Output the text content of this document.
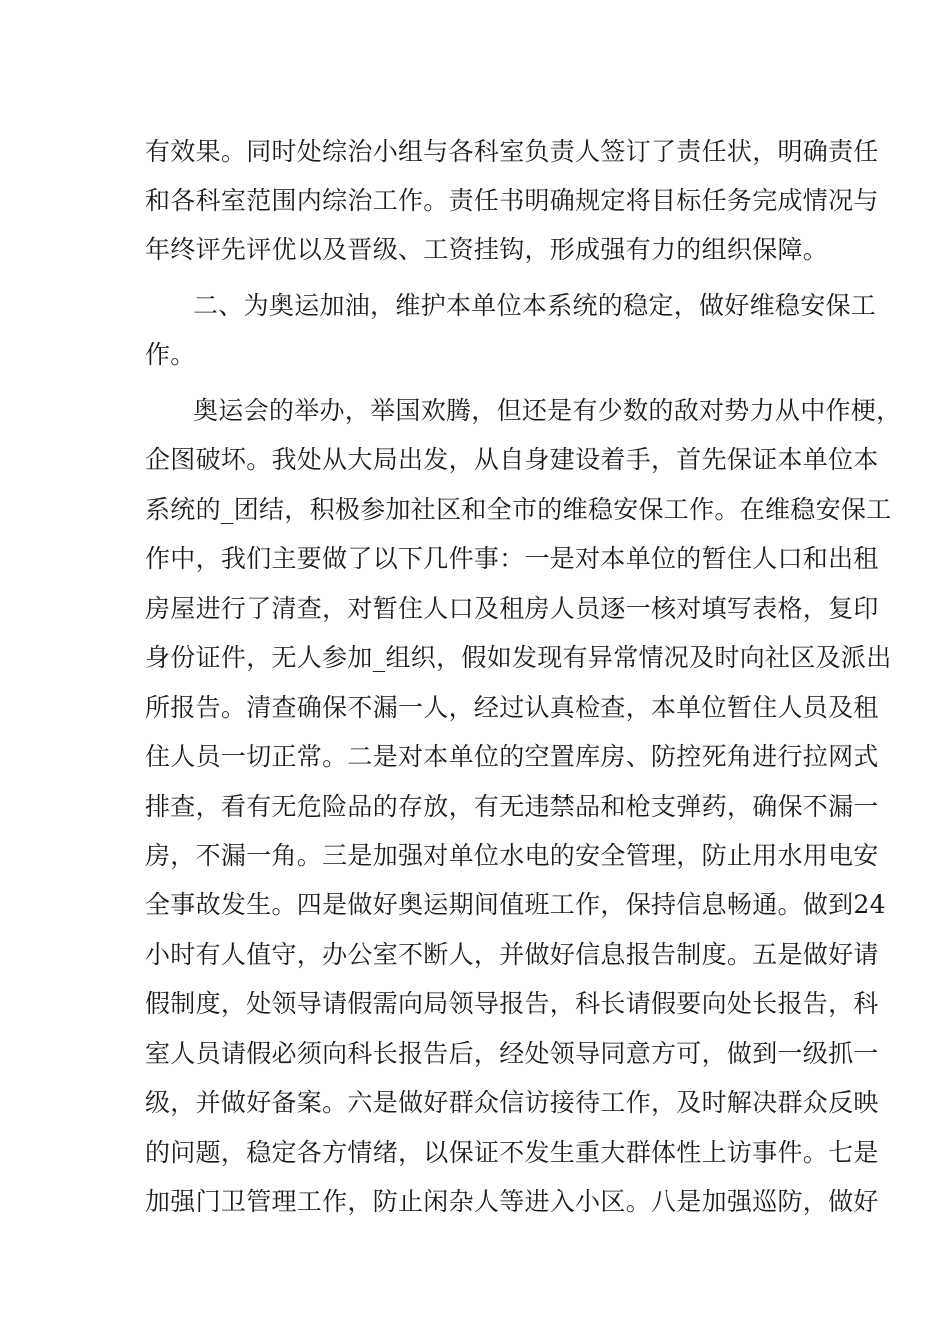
有效果。同时处综治小组与各科室负责人签订了责任状，明确责任
和各科室范围内综治工作。责任书明确规定将目标任务完成情况与
年终评先评优以及晋级、工资挂钩，形成强有力的组织保障。
二、为奥运加油，维护本单位本系统的稳定，做好维稳安保工
作。
奥运会的举办，举国欢腾，但还是有少数的敌对势力从中作梗，
企图破坏。我处从大局出发，从自身建设着手，首先保证本单位本
系统的_团结，积极参加社区和全市的维稳安保工作。在维稳安保工
作中，我们主要做了以下几件事：一是对本单位的暂住人口和出租
房屋进行了清查，对暂住人口及租房人员逐一核对填写表格，复印
身份证件，无人参加_组织，假如发现有异常情况及时向社区及派出
所报告。清查确保不漏一人，经过认真检查，本单位暂住人员及租
住人员一切正常。二是对本单位的空置库房、防控死角进行拉网式
排查，看有无危险品的存放，有无违禁品和枪支弹药，确保不漏一
房，不漏一角。三是加强对单位水电的安全管理，防止用水用电安
全事故发生。四是做好奥运期间值班工作，保持信息畅通。做到24
小时有人值守，办公室不断人，并做好信息报告制度。五是做好请
假制度，处领导请假需向局领导报告，科长请假要向处长报告，科
室人员请假必须向科长报告后，经处领导同意方可，做到一级抓一
级，并做好备案。六是做好群众信访接待工作，及时解决群众反映
的问题，稳定各方情绪，以保证不发生重大群体性上访事件。七是
加强门卫管理工作，防止闲杂人等进入小区。八是加强巡防，做好
